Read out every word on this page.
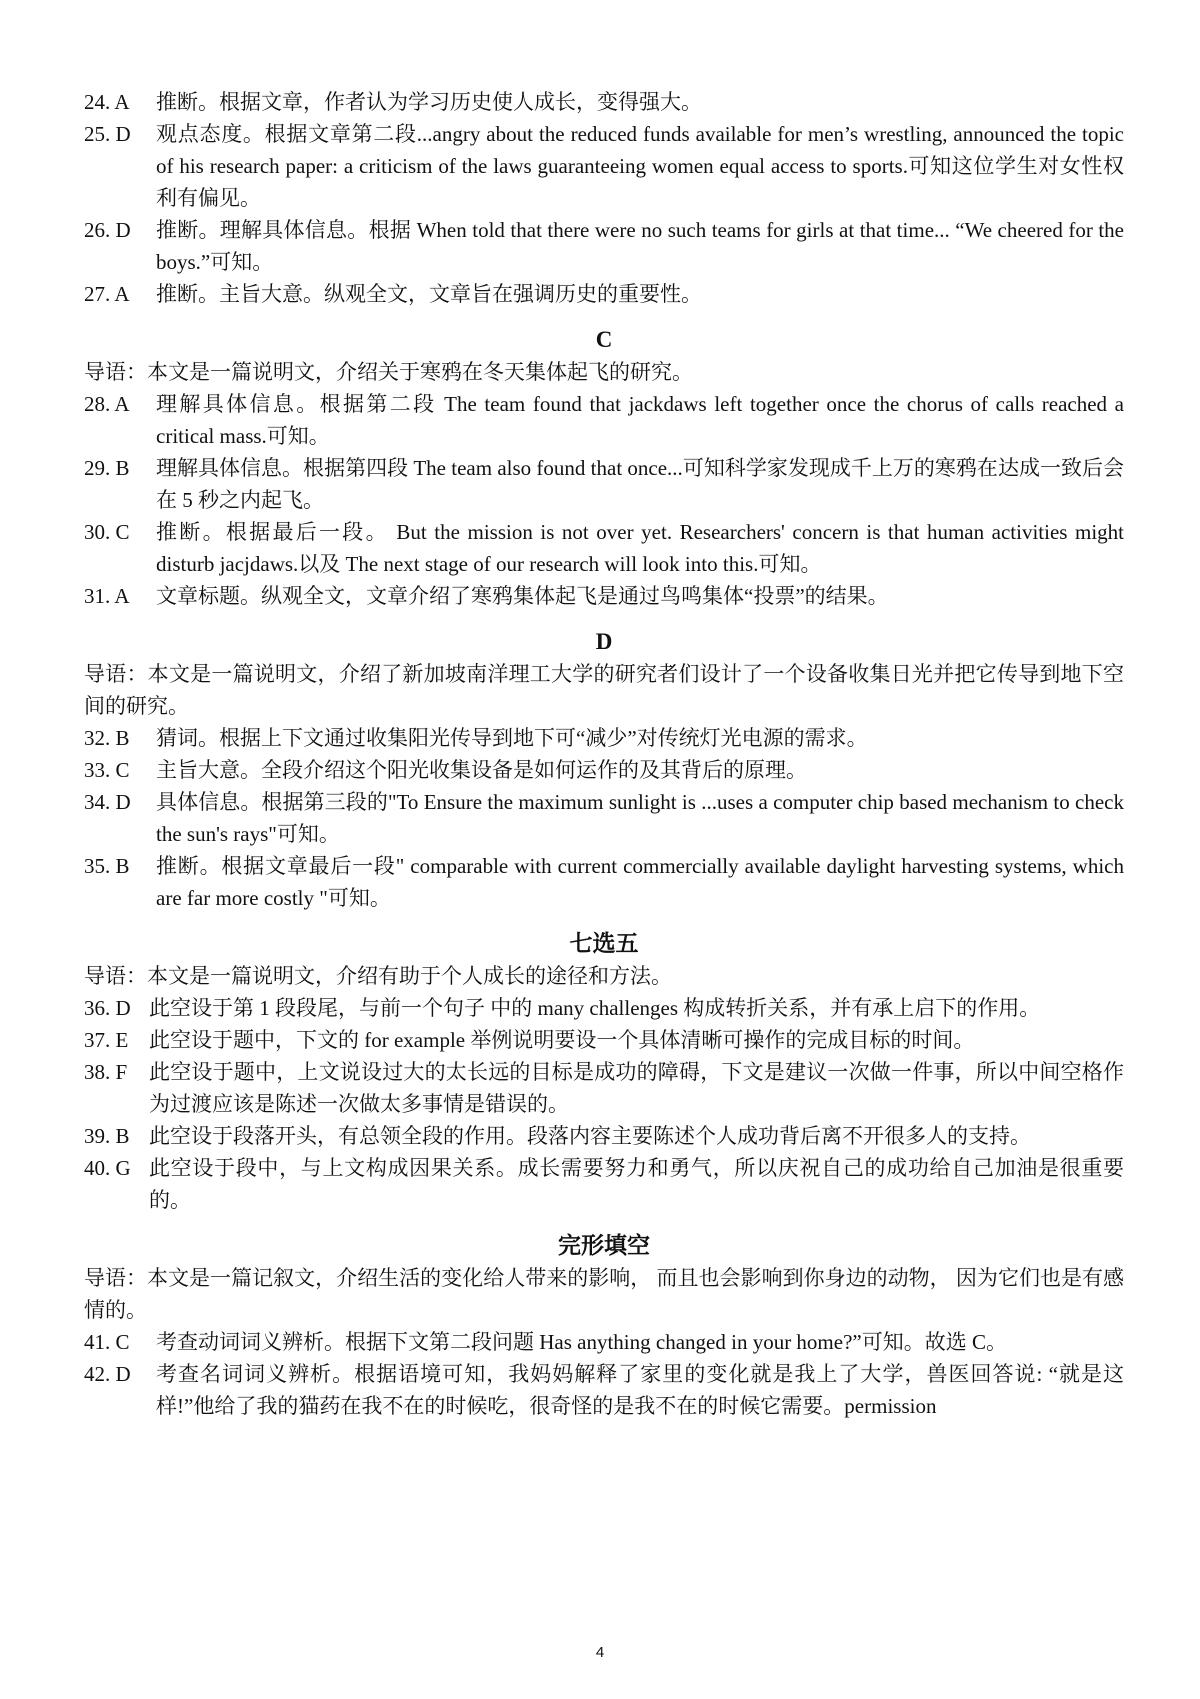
24. A	推断。根据文章，作者认为学习历史使人成长，变得强大。
25. D	观点态度。根据文章第二段...angry about the reduced funds available for men’s wrestling, announced the topic of his research paper: a criticism of the laws guaranteeing women equal access to sports.可知这位学生对女性权利有偏见。
26. D	推断。理解具体信息。根据 When told that there were no such teams for girls at that time... “We cheered for the boys.”可知。
27. A	推断。主旨大意。纵观全文，文章旨在强调历史的重要性。
C
导语：本文是一篇说明文，介绍关于寒鸦在冬天集体起飞的研究。
28. A	理解具体信息。根据第二段 The team found that jackdaws left together once the chorus of calls reached a critical mass.可知。
29. B	理解具体信息。根据第四段 The team also found that once...可知科学家发现成千上万的寒鸦在达成一致后会在 5 秒之内起飞。
30. C	推断。根据最后一段。 But the mission is not over yet. Researchers' concern is that human activities might disturb jacjdaws.以及 The next stage of our research will look into this.可知。
31. A	文章标题。纵观全文，文章介绍了寒鸦集体起飞是通过鸟鸣集体“投票”的结果。
D
导语：本文是一篇说明文，介绍了新加坡南洋理工大学的研究者们设计了一个设备收集日光并把它传导到地下空间的研究。
32. B	猜词。根据上下文通过收集阳光传导到地下可“减少”对传统灯光电源的需求。
33. C	主旨大意。全段介绍这个阳光收集设备是如何运作的及其背后的原理。
34. D	具体信息。根据第三段的"To Ensure the maximum sunlight is ...uses a computer chip based mechanism to check the sun's rays"可知。
35. B	推断。根据文章最后一段" comparable with current commercially available daylight harvesting systems, which are far more costly "可知。
七选五
导语：本文是一篇说明文，介绍有助于个人成长的途径和方法。
36. D 此空设于第 1 段段尾，与前一个句子 中的 many challenges 构成转折关系，并有承上启下的作用。
37. E 此空设于题中，下文的 for example 举例说明要设一个具体清晰可操作的完成目标的时间。
38. F	此空设于题中，上文说设过大的太长远的目标是成功的障碍，下文是建议一次做一件事，所以中间空格作为过渡应该是陈述一次做太多事情是错误的。
39. B 此空设于段落开头，有总领全段的作用。段落内容主要陈述个人成功背后离不开很多人的支持。
40. G 此空设于段中，与上文构成因果关系。成长需要努力和勇气，所以庆祝自己的成功给自己加油是很重要的。
完形填空
导语：本文是一篇记叙文，介绍生活的变化给人带来的影响， 而且也会影响到你身边的动物， 因为它们也是有感情的。
41. C	考查动词词义辨析。根据下文第二段问题 Has anything changed in your home?”可知。故选 C。
42. D	考查名词词义辨析。根据语境可知，我妈妈解释了家里的变化就是我上了大学，兽医回答说: “就是这样!”他给了我的猫药在我不在的时候吃，很奇怪的是我不在的时候它需要。permission
4
